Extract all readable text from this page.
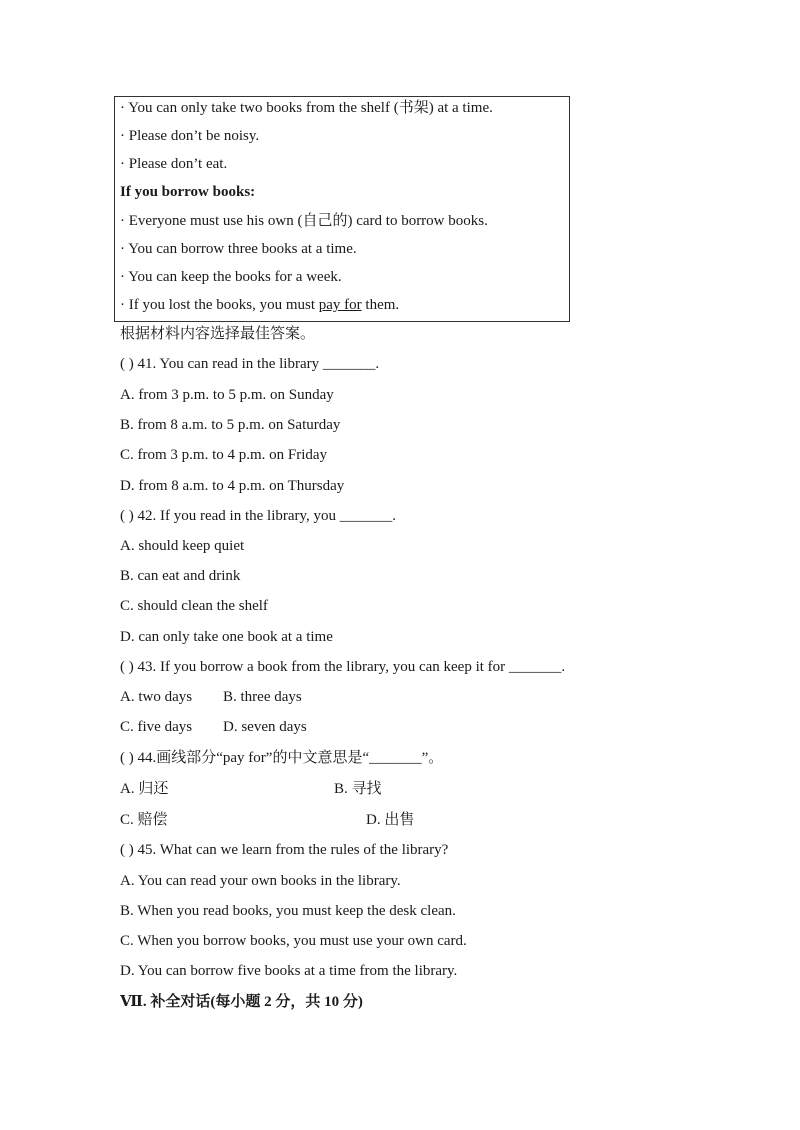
· You can only take two books from the shelf (书架) at a time.
· Please don’t be noisy.
· Please don’t eat.
If you borrow books:
· Everyone must use his own (自己的) card to borrow books.
· You can borrow three books at a time.
· You can keep the books for a week.
· If you lost the books, you must pay for them.
根据材料内容选择最佳答案。
( ) 41. You can read in the library _______.
A. from 3 p.m. to 5 p.m. on Sunday
B. from 8 a.m. to 5 p.m. on Saturday
C. from 3 p.m. to 4 p.m. on Friday
D. from 8 a.m. to 4 p.m. on Thursday
( ) 42. If you read in the library, you _______.
A. should keep quiet
B. can eat and drink
C. should clean the shelf
D. can only take one book at a time
( ) 43. If you borrow a book from the library, you can keep it for _______.
A. two days B. three days
C. five days D. seven days
( ) 44.画线部分“pay for”的中文意思是“_______”。
A. 归还	B. 寻找
C. 赔偿	D. 出售
( ) 45. What can we learn from the rules of the library?
A. You can read your own books in the library.
B. When you read books, you must keep the desk clean.
C. When you borrow books, you must use your own card.
D. You can borrow five books at a time from the library.
Ⅶ. 补全对话(每小题 2 分，共 10 分)
